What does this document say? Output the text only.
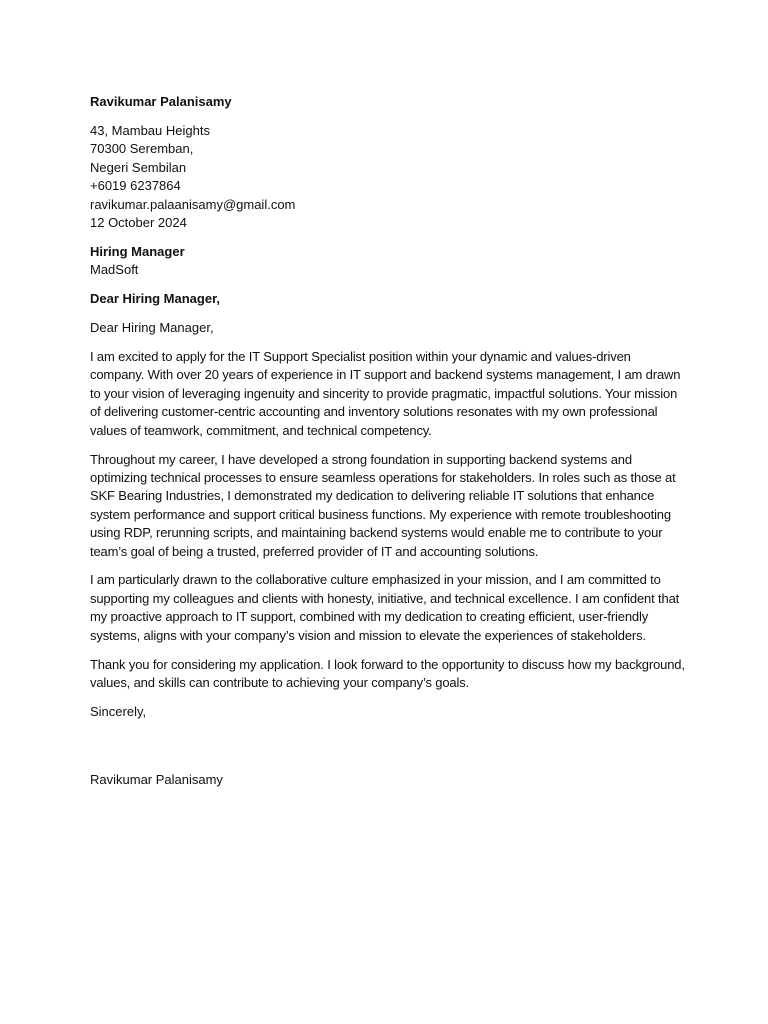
Ravikumar Palanisamy
43, Mambau Heights
70300 Seremban,
Negeri Sembilan
+6019 6237864
ravikumar.palaanisamy@gmail.com
12 October 2024
Hiring Manager
MadSoft
Dear Hiring Manager,
Dear Hiring Manager,

I am excited to apply for the IT Support Specialist position within your dynamic and values-driven company. With over 20 years of experience in IT support and backend systems management, I am drawn to your vision of leveraging ingenuity and sincerity to provide pragmatic, impactful solutions. Your mission of delivering customer-centric accounting and inventory solutions resonates with my own professional values of teamwork, commitment, and technical competency.

Throughout my career, I have developed a strong foundation in supporting backend systems and optimizing technical processes to ensure seamless operations for stakeholders. In roles such as those at SKF Bearing Industries, I demonstrated my dedication to delivering reliable IT solutions that enhance system performance and support critical business functions. My experience with remote troubleshooting using RDP, rerunning scripts, and maintaining backend systems would enable me to contribute to your team’s goal of being a trusted, preferred provider of IT and accounting solutions.

I am particularly drawn to the collaborative culture emphasized in your mission, and I am committed to supporting my colleagues and clients with honesty, initiative, and technical excellence. I am confident that my proactive approach to IT support, combined with my dedication to creating efficient, user-friendly systems, aligns with your company’s vision and mission to elevate the experiences of stakeholders.

Thank you for considering my application. I look forward to the opportunity to discuss how my background, values, and skills can contribute to achieving your company’s goals.

Sincerely,

Ravikumar Palanisamy
